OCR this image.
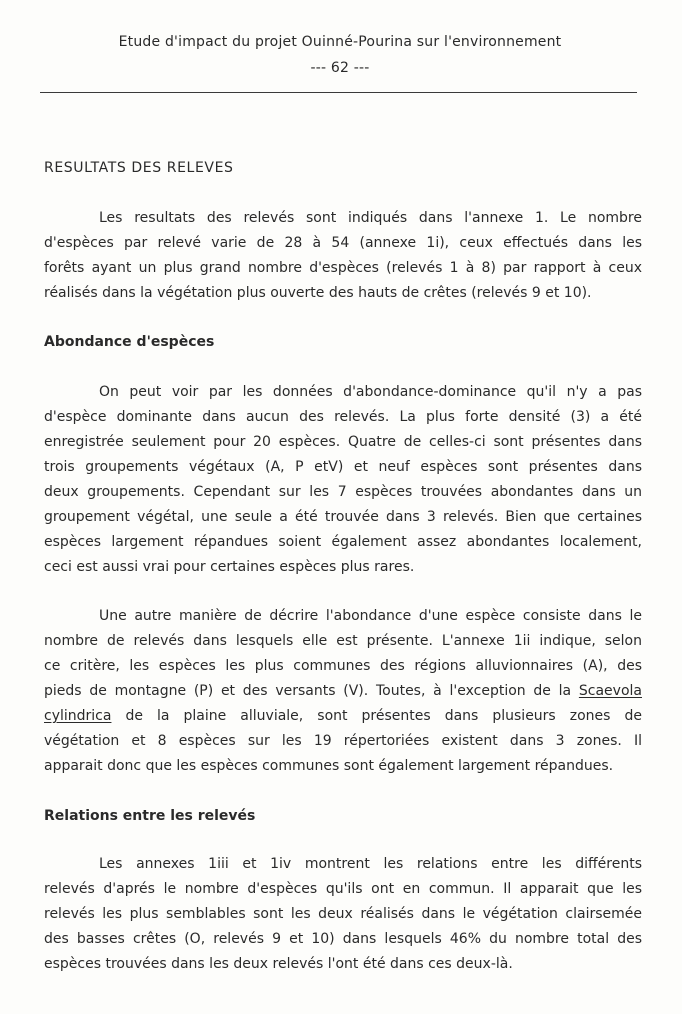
Etude d'impact du projet Ouinné-Pourina sur l'environnement
--- 62 ---
RESULTATS DES RELEVES
Les resultats des relevés sont indiqués dans l'annexe 1. Le nombre
d'espèces par relevé varie de 28 à 54 (annexe 1i), ceux effectués dans les
forêts ayant un plus grand nombre d'espèces (relevés 1 à 8) par rapport à ceux
réalisés dans la végétation plus ouverte des hauts de crêtes (relevés 9 et 10).
Abondance d'espèces
On peut voir par les données d'abondance-dominance qu'il n'y a pas
d'espèce dominante dans aucun des relevés. La plus forte densité (3) a été
enregistrée seulement pour 20 espèces. Quatre de celles-ci sont présentes dans
trois groupements végétaux (A, P etV) et neuf espèces sont présentes dans
deux groupements. Cependant sur les 7 espèces trouvées abondantes dans un
groupement végétal, une seule a été trouvée dans 3 relevés. Bien que certaines
espèces largement répandues soient également assez abondantes localement,
ceci est aussi vrai pour certaines espèces plus rares.
Une autre manière de décrire l'abondance d'une espèce consiste dans le
nombre de relevés dans lesquels elle est présente. L'annexe 1ii indique, selon
ce critère, les espèces les plus communes des régions alluvionnaires (A), des
pieds de montagne (P) et des versants (V). Toutes, à l'exception de la Scaevola
cylindrica de la plaine alluviale, sont présentes dans plusieurs zones de
végétation et 8 espèces sur les 19 répertoriées existent dans 3 zones. Il
apparait donc que les espèces communes sont également largement répandues.
Relations entre les relevés
Les annexes 1iii et 1iv montrent les relations entre les différents
relevés d'aprés le nombre d'espèces qu'ils ont en commun. Il apparait que les
relevés les plus semblables sont les deux réalisés dans le végétation clairsemée
des basses crêtes (O, relevés 9 et 10) dans lesquels 46% du nombre total des
espèces trouvées dans les deux relevés l'ont été dans ces deux-là.
